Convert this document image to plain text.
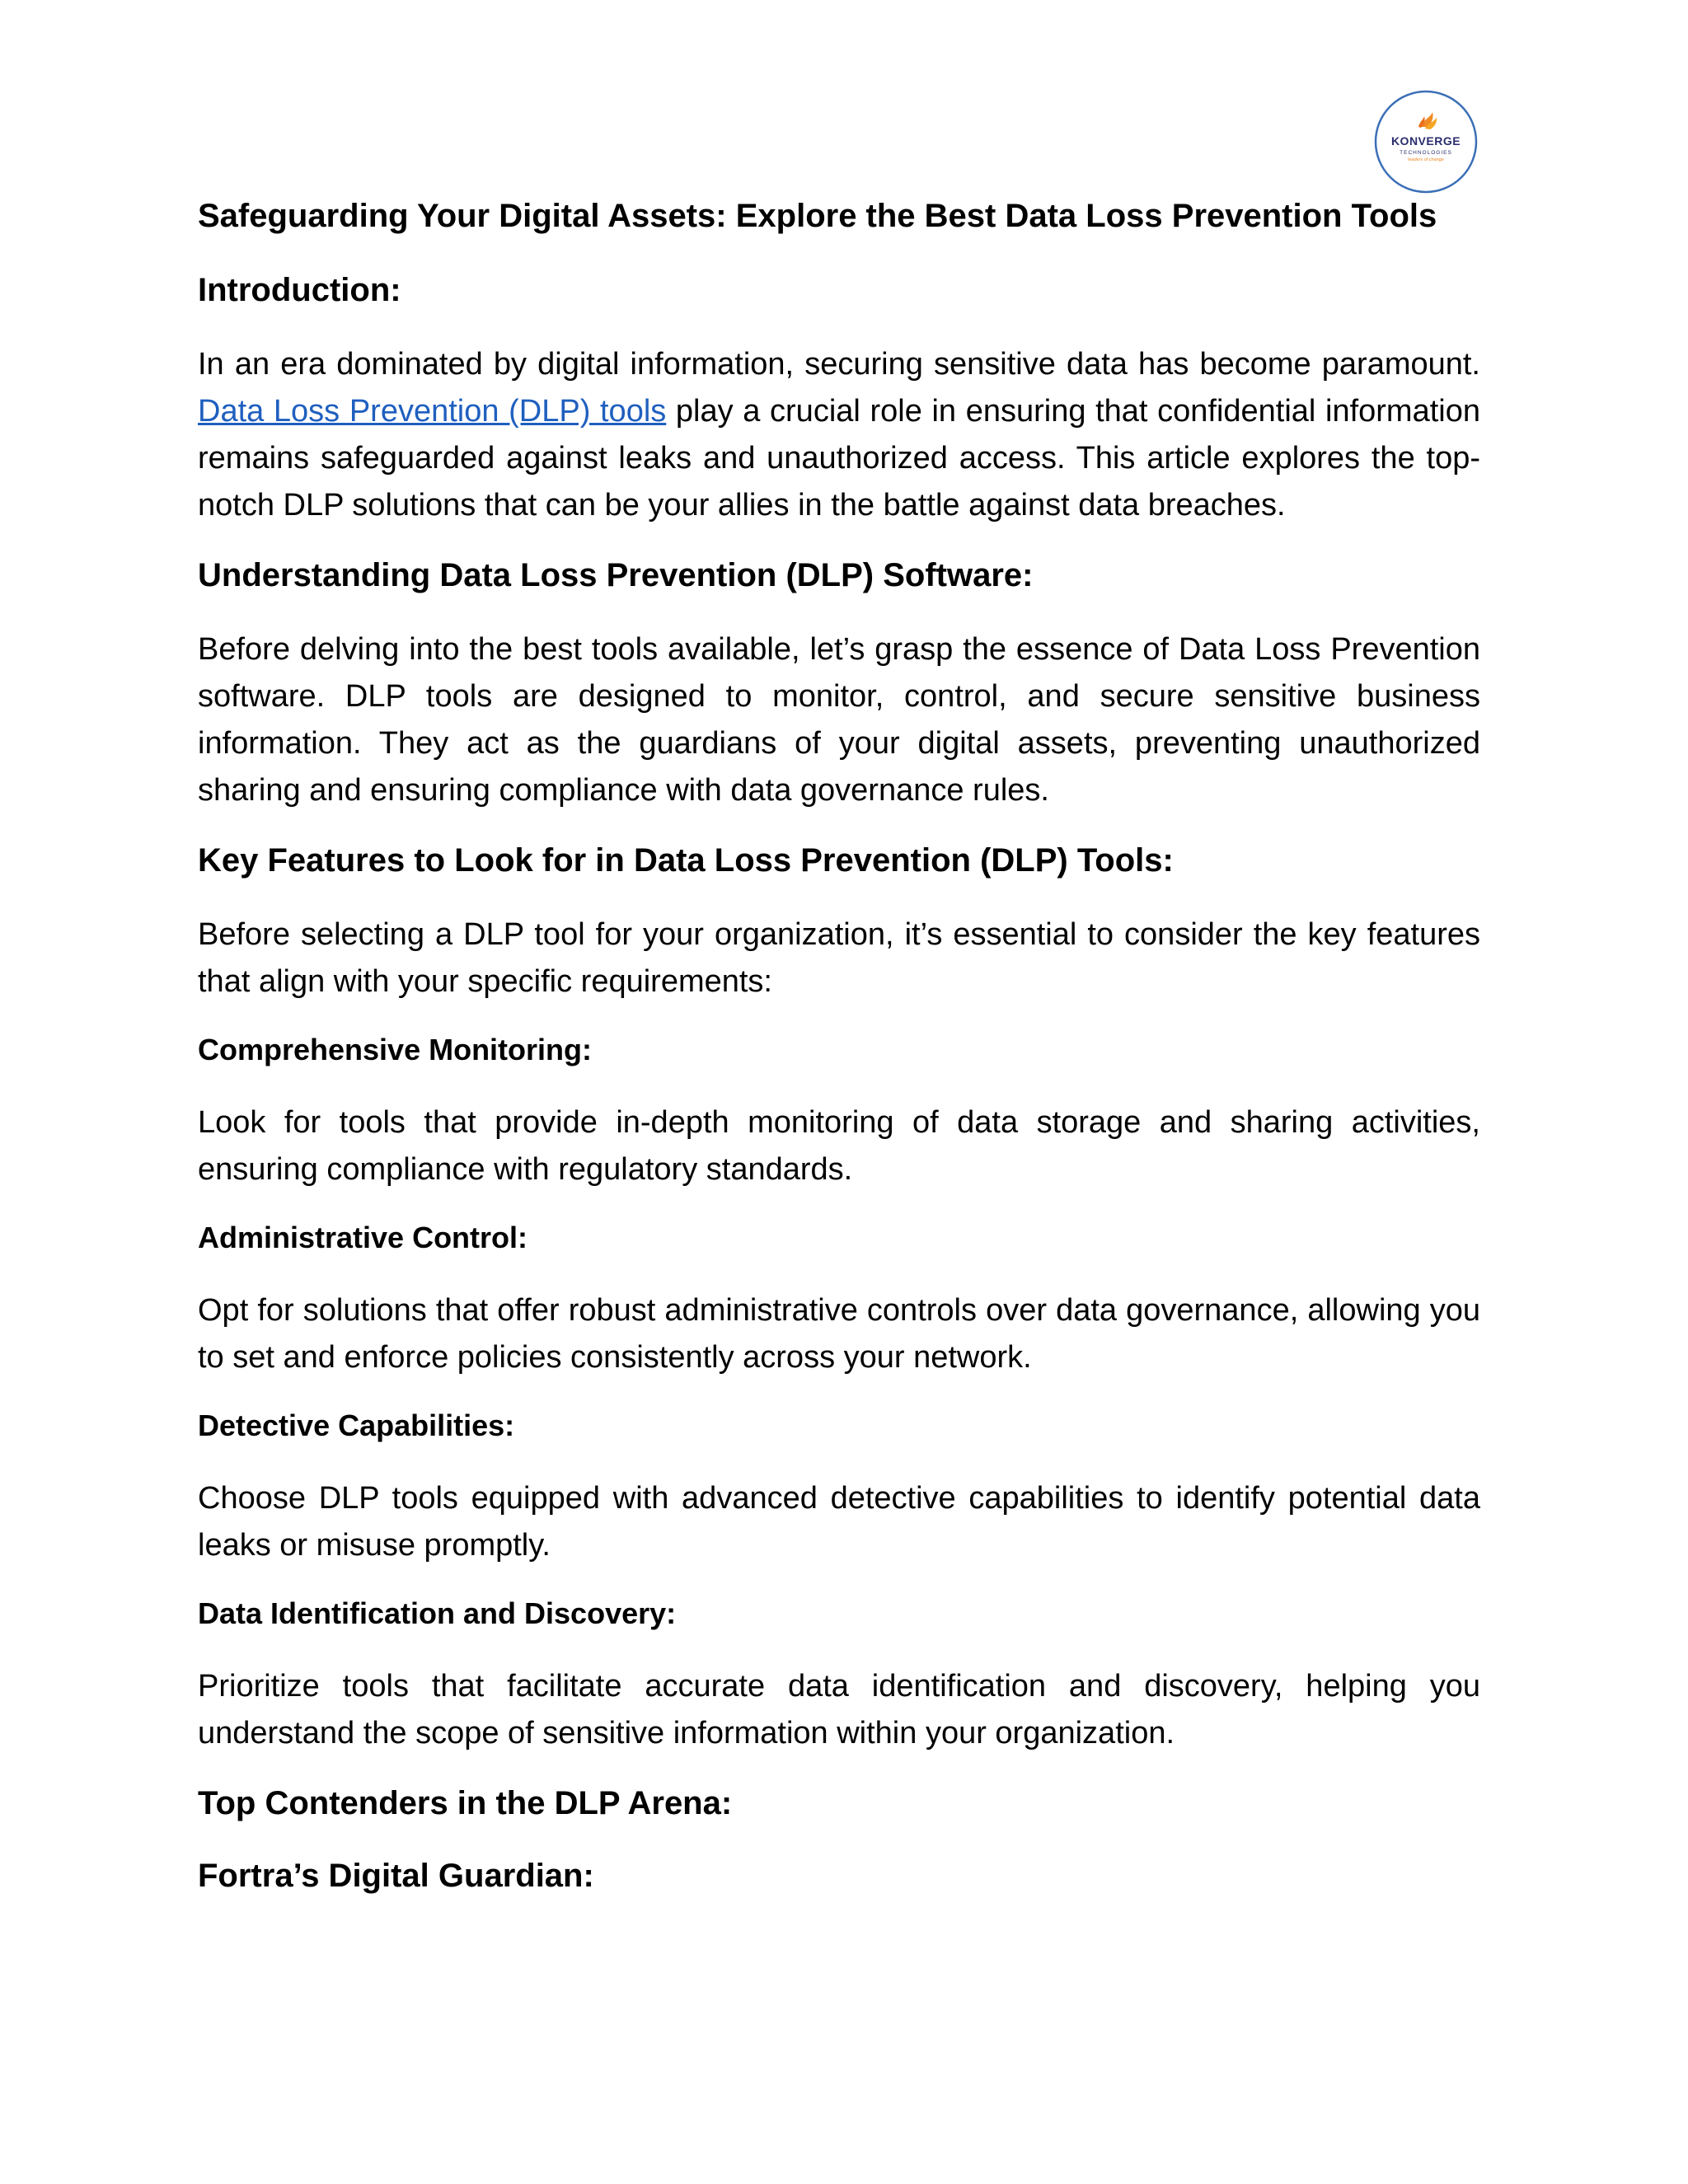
KONVERGE
TECHNOLOGIES
leaders of change
Safeguarding Your Digital Assets: Explore the Best Data Loss Prevention Tools
Introduction:

In an era dominated by digital information, securing sensitive data has become paramount. Data Loss Prevention (DLP) tools play a crucial role in ensuring that confidential information remains safeguarded against leaks and unauthorized access. This article explores the top-notch DLP solutions that can be your allies in the battle against data breaches.

Understanding Data Loss Prevention (DLP) Software:

Before delving into the best tools available, let’s grasp the essence of Data Loss Prevention software. DLP tools are designed to monitor, control, and secure sensitive business information. They act as the guardians of your digital assets, preventing unauthorized sharing and ensuring compliance with data governance rules.

Key Features to Look for in Data Loss Prevention (DLP) Tools:

Before selecting a DLP tool for your organization, it’s essential to consider the key features that align with your specific requirements:

Comprehensive Monitoring:

Look for tools that provide in-depth monitoring of data storage and sharing activities, ensuring compliance with regulatory standards.

Administrative Control:

Opt for solutions that offer robust administrative controls over data governance, allowing you to set and enforce policies consistently across your network.

Detective Capabilities:

Choose DLP tools equipped with advanced detective capabilities to identify potential data leaks or misuse promptly.

Data Identification and Discovery:

Prioritize tools that facilitate accurate data identification and discovery, helping you understand the scope of sensitive information within your organization.

Top Contenders in the DLP Arena:
Fortra’s Digital Guardian:
